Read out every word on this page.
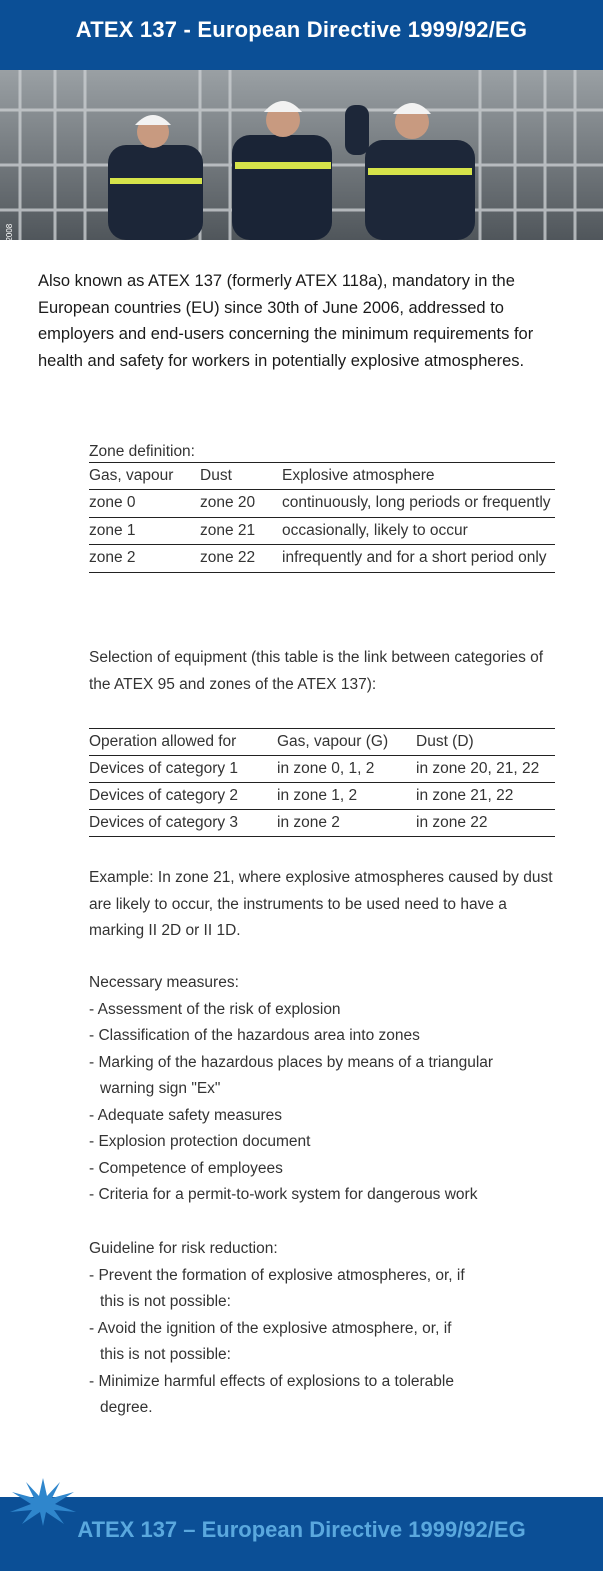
ATEX 137 - European Directive 1999/92/EG
ST-384-2008

Also known as ATEX 137 (formerly ATEX 118a), mandatory in the European countries (EU) since 30th of June 2006, addressed to employers and end-users concerning the minimum requirements for health and safety for workers in potentially explosive atmospheres.

Zone definition:
Gas, vapour	Dust	Explosive atmosphere
zone 0	zone 20	continuously, long periods or frequently
zone 1	zone 21	occasionally, likely to occur
zone 2	zone 22	infrequently and for a short period only
Selection of equipment (this table is the link between categories of the ATEX 95 and zones of the ATEX 137):
Operation allowed for	Gas, vapour (G)	Dust (D)
Devices of category 1	in zone 0, 1, 2	in zone 20, 21, 22
Devices of category 2	in zone 1, 2	in zone 21, 22
Devices of category 3	in zone 2	in zone 22
Example: In zone 21, where explosive atmospheres caused by dust are likely to occur, the instruments to be used need to have a marking II 2D or II 1D.
Necessary measures:
- Assessment of the risk of explosion
- Classification of the hazardous area into zones
- Marking of the hazardous places by means of a triangular warning sign "Ex"
- Adequate safety measures
- Explosion protection document
- Competence of employees
- Criteria for a permit-to-work system for dangerous work
Guideline for risk reduction:
- Prevent the formation of explosive atmospheres, or, if this is not possible:
- Avoid the ignition of the explosive atmosphere, or, if this is not possible:
- Minimize harmful effects of explosions to a tolerable degree.
ATEX 137 – European Directive 1999/92/EG
